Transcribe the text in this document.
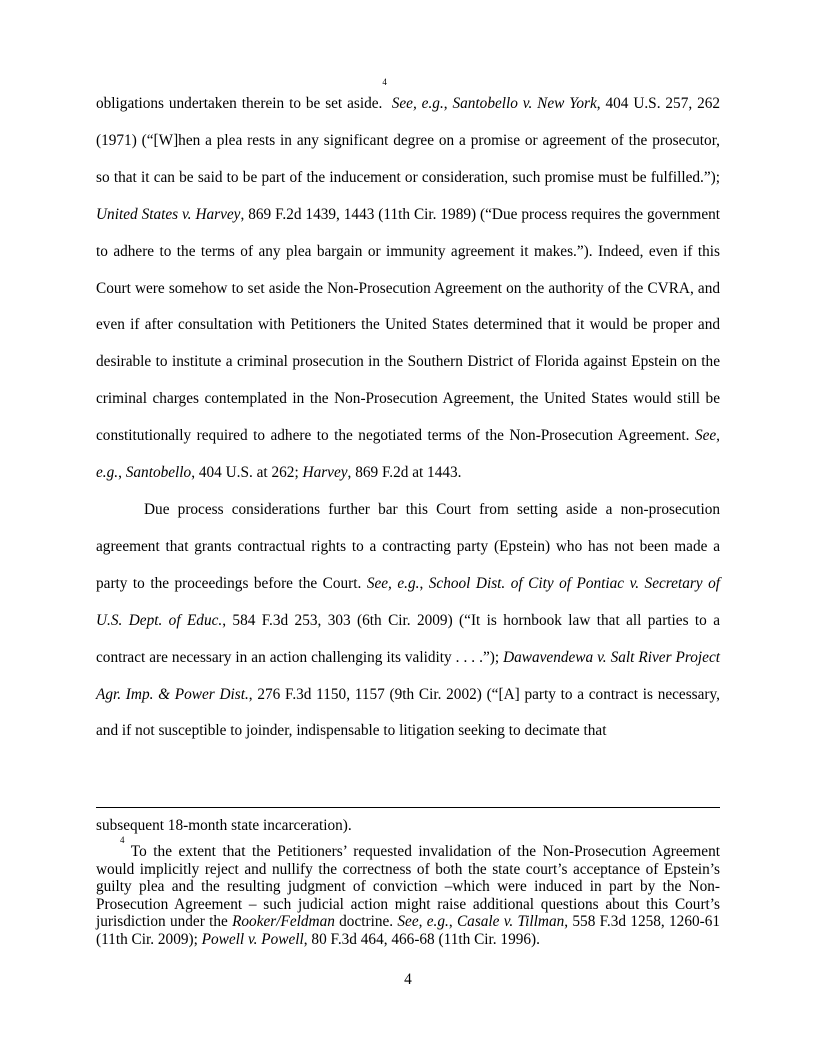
obligations undertaken therein to be set aside.$^4$ See, e.g., Santobello v. New York, 404 U.S. 257, 262 (1971) (“[W]hen a plea rests in any significant degree on a promise or agreement of the prosecutor, so that it can be said to be part of the inducement or consideration, such promise must be fulfilled.”); United States v. Harvey, 869 F.2d 1439, 1443 (11th Cir. 1989) (“Due process requires the government to adhere to the terms of any plea bargain or immunity agreement it makes.”). Indeed, even if this Court were somehow to set aside the Non-Prosecution Agreement on the authority of the CVRA, and even if after consultation with Petitioners the United States determined that it would be proper and desirable to institute a criminal prosecution in the Southern District of Florida against Epstein on the criminal charges contemplated in the Non-Prosecution Agreement, the United States would still be constitutionally required to adhere to the negotiated terms of the Non-Prosecution Agreement. See, e.g., Santobello, 404 U.S. at 262; Harvey, 869 F.2d at 1443.

Due process considerations further bar this Court from setting aside a non-prosecution agreement that grants contractual rights to a contracting party (Epstein) who has not been made a party to the proceedings before the Court. See, e.g., School Dist. of City of Pontiac v. Secretary of U.S. Dept. of Educ., 584 F.3d 253, 303 (6th Cir. 2009) (“It is hornbook law that all parties to a contract are necessary in an action challenging its validity . . . .”); Dawavendewa v. Salt River Project Agr. Imp. & Power Dist., 276 F.3d 1150, 1157 (9th Cir. 2002) (“[A] party to a contract is necessary, and if not susceptible to joinder, indispensable to litigation seeking to decimate that

subsequent 18-month state incarceration).

$^4$ To the extent that the Petitioners’ requested invalidation of the Non-Prosecution Agreement would implicitly reject and nullify the correctness of both the state court’s acceptance of Epstein’s guilty plea and the resulting judgment of conviction –which were induced in part by the Non-Prosecution Agreement – such judicial action might raise additional questions about this Court’s jurisdiction under the Rooker/Feldman doctrine. See, e.g., Casale v. Tillman, 558 F.3d 1258, 1260-61 (11th Cir. 2009); Powell v. Powell, 80 F.3d 464, 466-68 (11th Cir. 1996).

4
